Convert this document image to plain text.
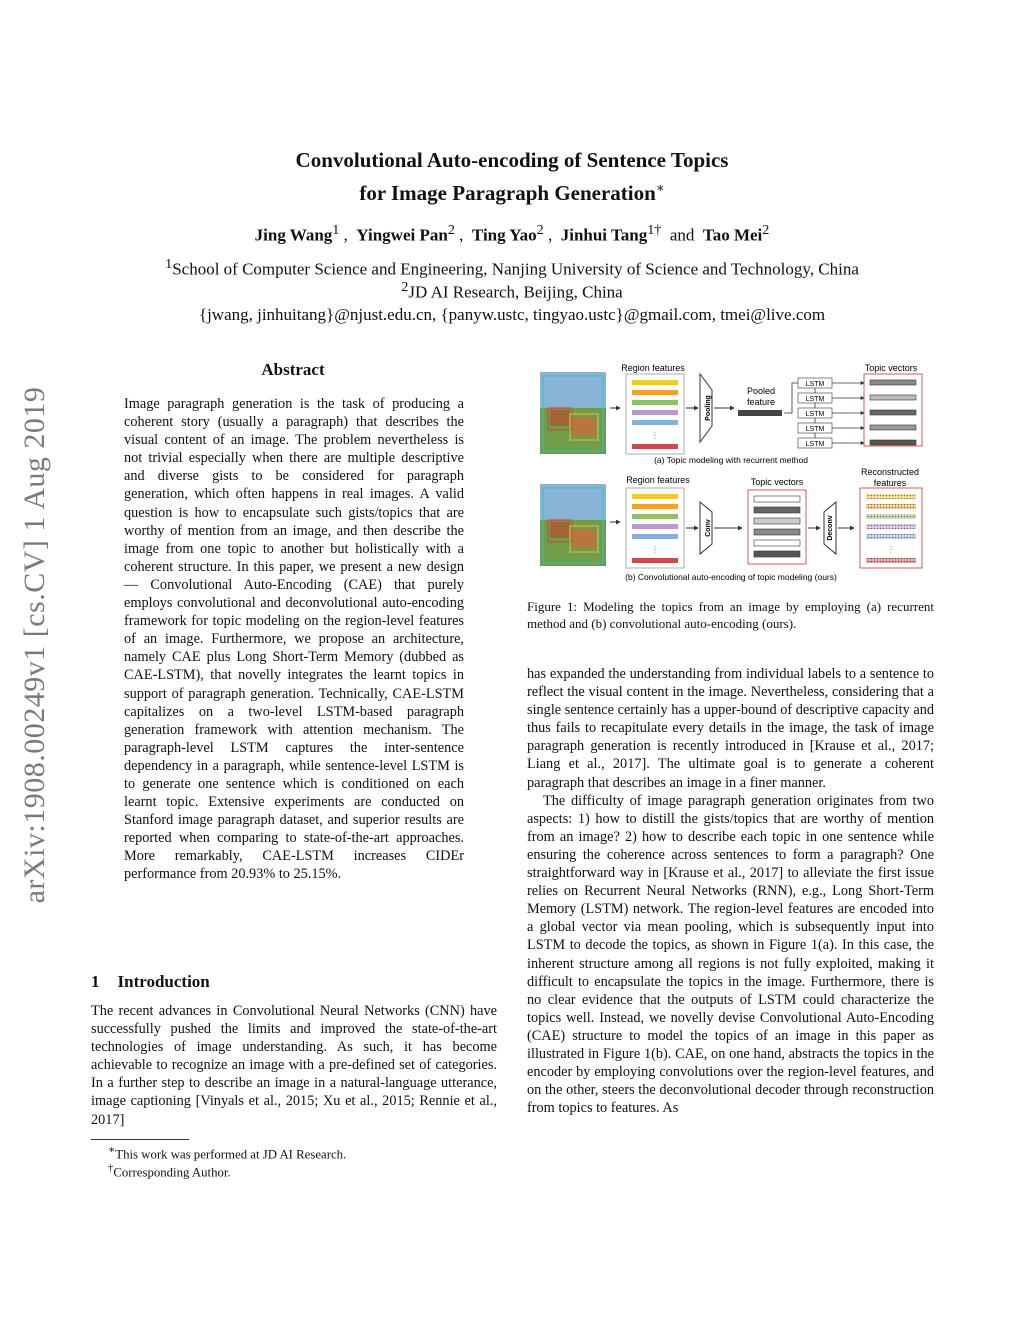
Convolutional Auto-encoding of Sentence Topics
for Image Paragraph Generation∗
Jing Wang$^1$ ,  Yingwei Pan$^2$ ,  Ting Yao$^2$ ,  Jinhui Tang$^{1\dagger}$ and Tao Mei$^2$
$^1$School of Computer Science and Engineering, Nanjing University of Science and Technology, China
$^2$JD AI Research, Beijing, China
{jwang, jinhuitang}@njust.edu.cn, {panyw.ustc, tingyao.ustc}@gmail.com, tmei@live.com
arXiv:1908.00249v1 [cs.CV] 1 Aug 2019
Abstract
Image paragraph generation is the task of producing a coherent story (usually a paragraph) that describes the visual content of an image. The problem nevertheless is not trivial especially when there are multiple descriptive and diverse gists to be considered for paragraph generation, which often happens in real images. A valid question is how to encapsulate such gists/topics that are worthy of mention from an image, and then describe the image from one topic to another but holistically with a coherent structure. In this paper, we present a new design — Convolutional Auto-Encoding (CAE) that purely employs convolutional and deconvolutional auto-encoding framework for topic modeling on the region-level features of an image. Furthermore, we propose an architecture, namely CAE plus Long Short-Term Memory (dubbed as CAE-LSTM), that novelly integrates the learnt topics in support of paragraph generation. Technically, CAE-LSTM capitalizes on a two-level LSTM-based paragraph generation framework with attention mechanism. The paragraph-level LSTM captures the inter-sentence dependency in a paragraph, while sentence-level LSTM is to generate one sentence which is conditioned on each learnt topic. Extensive experiments are conducted on Stanford image paragraph dataset, and superior results are reported when comparing to state-of-the-art approaches. More remarkably, CAE-LSTM increases CIDEr performance from 20.93% to 25.15%.
1 Introduction
The recent advances in Convolutional Neural Networks (CNN) have successfully pushed the limits and improved the state-of-the-art technologies of image understanding. As such, it has become achievable to recognize an image with a pre-defined set of categories. In a further step to describe an image in a natural-language utterance, image captioning [Vinyals et al., 2015; Xu et al., 2015; Rennie et al., 2017]
∗This work was performed at JD AI Research.
†Corresponding Author.
Region features
⋮
Pooling
Pooled
feature
LSTM
LSTM
LSTM
LSTM
LSTM
Topic vectors
(a) Topic modeling with recurrent method
Region features
⋮
Conv
Topic vectors
Deconv
Reconstructed
features
⋮
(b) Convolutional auto-encoding of topic modeling (ours)
Figure 1: Modeling the topics from an image by employing (a) recurrent method and (b) convolutional auto-encoding (ours).

has expanded the understanding from individual labels to a sentence to reflect the visual content in the image. Nevertheless, considering that a single sentence certainly has a upper-bound of descriptive capacity and thus fails to recapitulate every details in the image, the task of image paragraph generation is recently introduced in [Krause et al., 2017; Liang et al., 2017]. The ultimate goal is to generate a coherent paragraph that describes an image in a finer manner.

The difficulty of image paragraph generation originates from two aspects: 1) how to distill the gists/topics that are worthy of mention from an image? 2) how to describe each topic in one sentence while ensuring the coherence across sentences to form a paragraph? One straightforward way in [Krause et al., 2017] to alleviate the first issue relies on Recurrent Neural Networks (RNN), e.g., Long Short-Term Memory (LSTM) network. The region-level features are encoded into a global vector via mean pooling, which is subsequently input into LSTM to decode the topics, as shown in Figure 1(a). In this case, the inherent structure among all regions is not fully exploited, making it difficult to encapsulate the topics in the image. Furthermore, there is no clear evidence that the outputs of LSTM could characterize the topics well. Instead, we novelly devise Convolutional Auto-Encoding (CAE) structure to model the topics of an image in this paper as illustrated in Figure 1(b). CAE, on one hand, abstracts the topics in the encoder by employing convolutions over the region-level features, and on the other, steers the deconvolutional decoder through reconstruction from topics to features. As
